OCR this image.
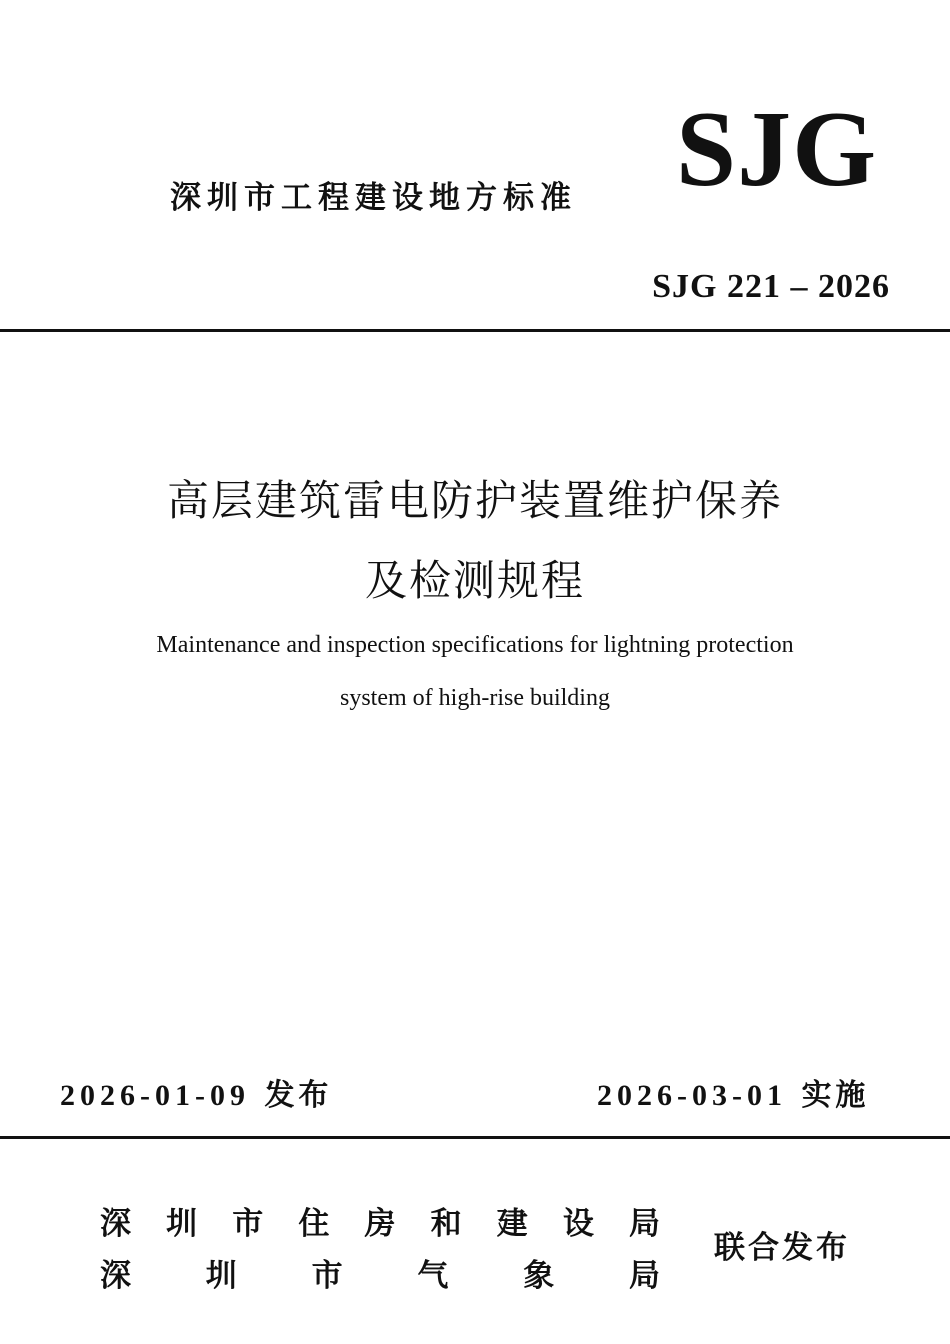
深圳市工程建设地方标准 SJG
SJG 221 – 2026
高层建筑雷电防护装置维护保养
及检测规程
Maintenance and inspection specifications for lightning protection
system of high-rise building
2026-01-09 发布	2026-03-01 实施
深 圳 市 住 房 和 建 设 局
深 圳 市 气 象 局
联合发布
